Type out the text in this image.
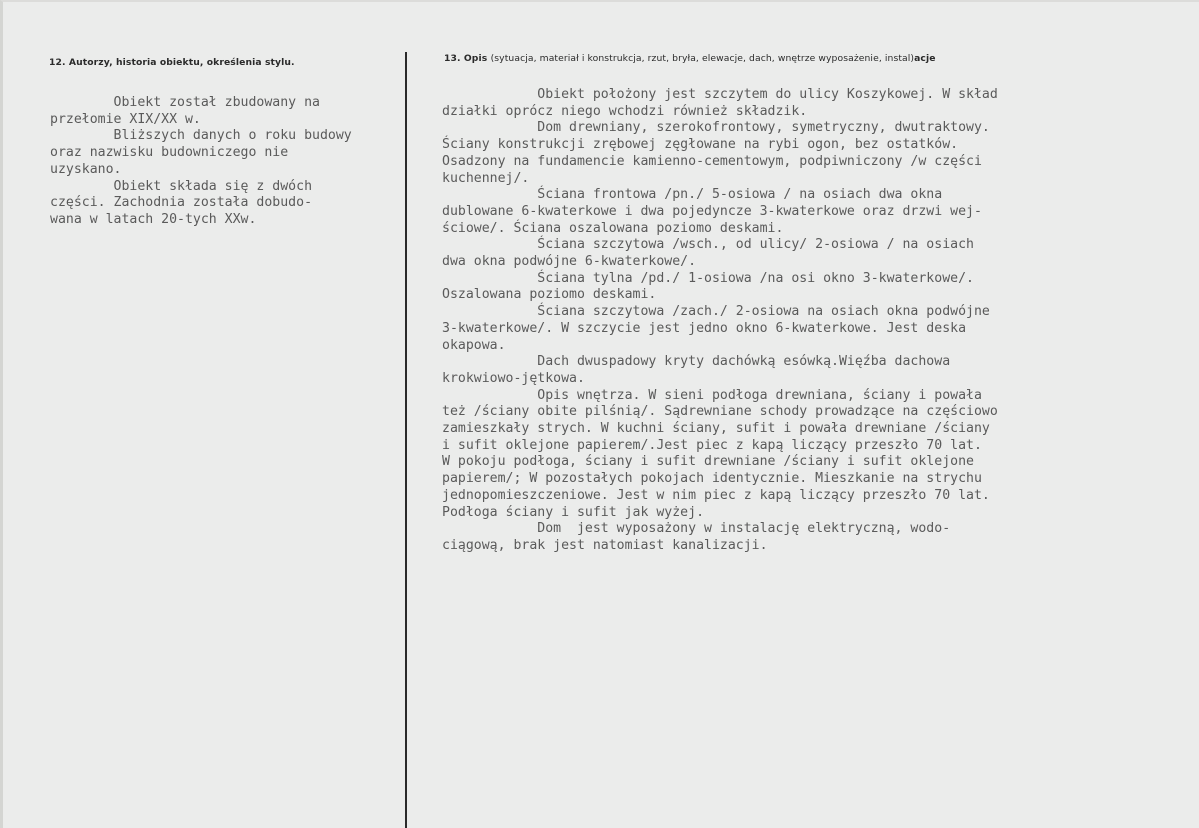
12. Autorzy, historia obiektu, określenia stylu.	13. Opis (sytuacja, materiał i konstrukcja, rzut, bryła, elewacje, dach, wnętrze wyposażenie, instal)acje
Obiekt został zbudowany na
przełomie XIX/XX w.
Bliższych danych o roku budowy
oraz nazwisku budowniczego nie
uzyskano.
Obiekt składa się z dwóch
części. Zachodnia została dobudo-
wana w latach 20-tych XXw.
Obiekt położony jest szczytem do ulicy Koszykowej. W skład
działki oprócz niego wchodzi również składzik.
Dom drewniany, szerokofrontowy, symetryczny, dwutraktowy.
Ściany konstrukcji zrębowej zęgłowane na rybi ogon, bez ostatków.
Osadzony na fundamencie kamienno-cementowym, podpiwniczony /w części
kuchennej/.
Ściana frontowa /pn./ 5-osiowa / na osiach dwa okna
dublowane 6-kwaterkowe i dwa pojedyncze 3-kwaterkowe oraz drzwi wej-
ściowe/. Ściana oszalowana poziomo deskami.
Ściana szczytowa /wsch., od ulicy/ 2-osiowa / na osiach
dwa okna podwójne 6-kwaterkowe/.
Ściana tylna /pd./ 1-osiowa /na osi okno 3-kwaterkowe/.
Oszalowana poziomo deskami.
Ściana szczytowa /zach./ 2-osiowa na osiach okna podwójne
3-kwaterkowe/. W szczycie jest jedno okno 6-kwaterkowe. Jest deska
okapowa.
Dach dwuspadowy kryty dachówką esówką.Więźba dachowa
krokwiowo-jętkowa.
Opis wnętrza. W sieni podłoga drewniana, ściany i powała
też /ściany obite pilśnią/. Sądrewniane schody prowadzące na częściowo
zamieszkały strych. W kuchni ściany, sufit i powała drewniane /ściany
i sufit oklejone papierem/.Jest piec z kapą liczący przeszło 70 lat.
W pokoju podłoga, ściany i sufit drewniane /ściany i sufit oklejone
papierem/; W pozostałych pokojach identycznie. Mieszkanie na strychu
jednopomieszczeniowe. Jest w nim piec z kapą liczący przeszło 70 lat.
Podłoga ściany i sufit jak wyżej.
Dom  jest wyposażony w instalację elektryczną, wodo-
ciągową, brak jest natomiast kanalizacji.
